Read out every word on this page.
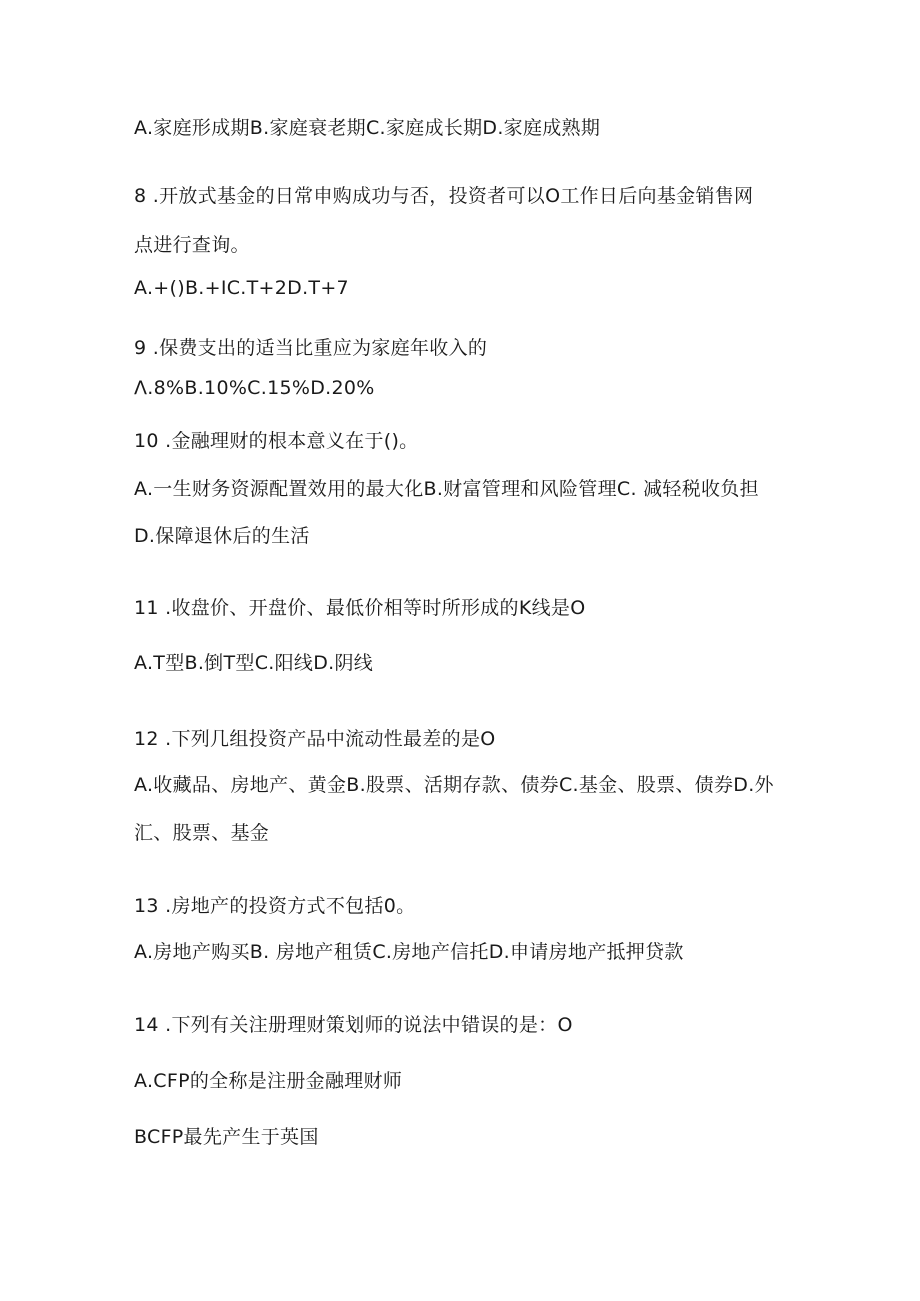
A.家庭形成期B.家庭衰老期C.家庭成长期D.家庭成熟期
8 .开放式基金的日常申购成功与否，投资者可以O工作日后向基金销售网
点进行查询。
A.+()B.+IC.T+2D.T+7
9 .保费支出的适当比重应为家庭年收入的
Λ.8%B.10%C.15%D.20%
10 .金融理财的根本意义在于()。
A.一生财务资源配置效用的最大化B.财富管理和风险管理C. 减轻税收负担
D.保障退休后的生活
11 .收盘价、开盘价、最低价相等时所形成的K线是O
A.T型B.倒T型C.阳线D.阴线
12 .下列几组投资产品中流动性最差的是O
A.收藏品、房地产、黄金B.股票、活期存款、债券C.基金、股票、债券D.外
汇、股票、基金
13 .房地产的投资方式不包括0。
A.房地产购买B. 房地产租赁C.房地产信托D.申请房地产抵押贷款
14 .下列有关注册理财策划师的说法中错误的是：O
A.CFP的全称是注册金融理财师
BCFP最先产生于英国
